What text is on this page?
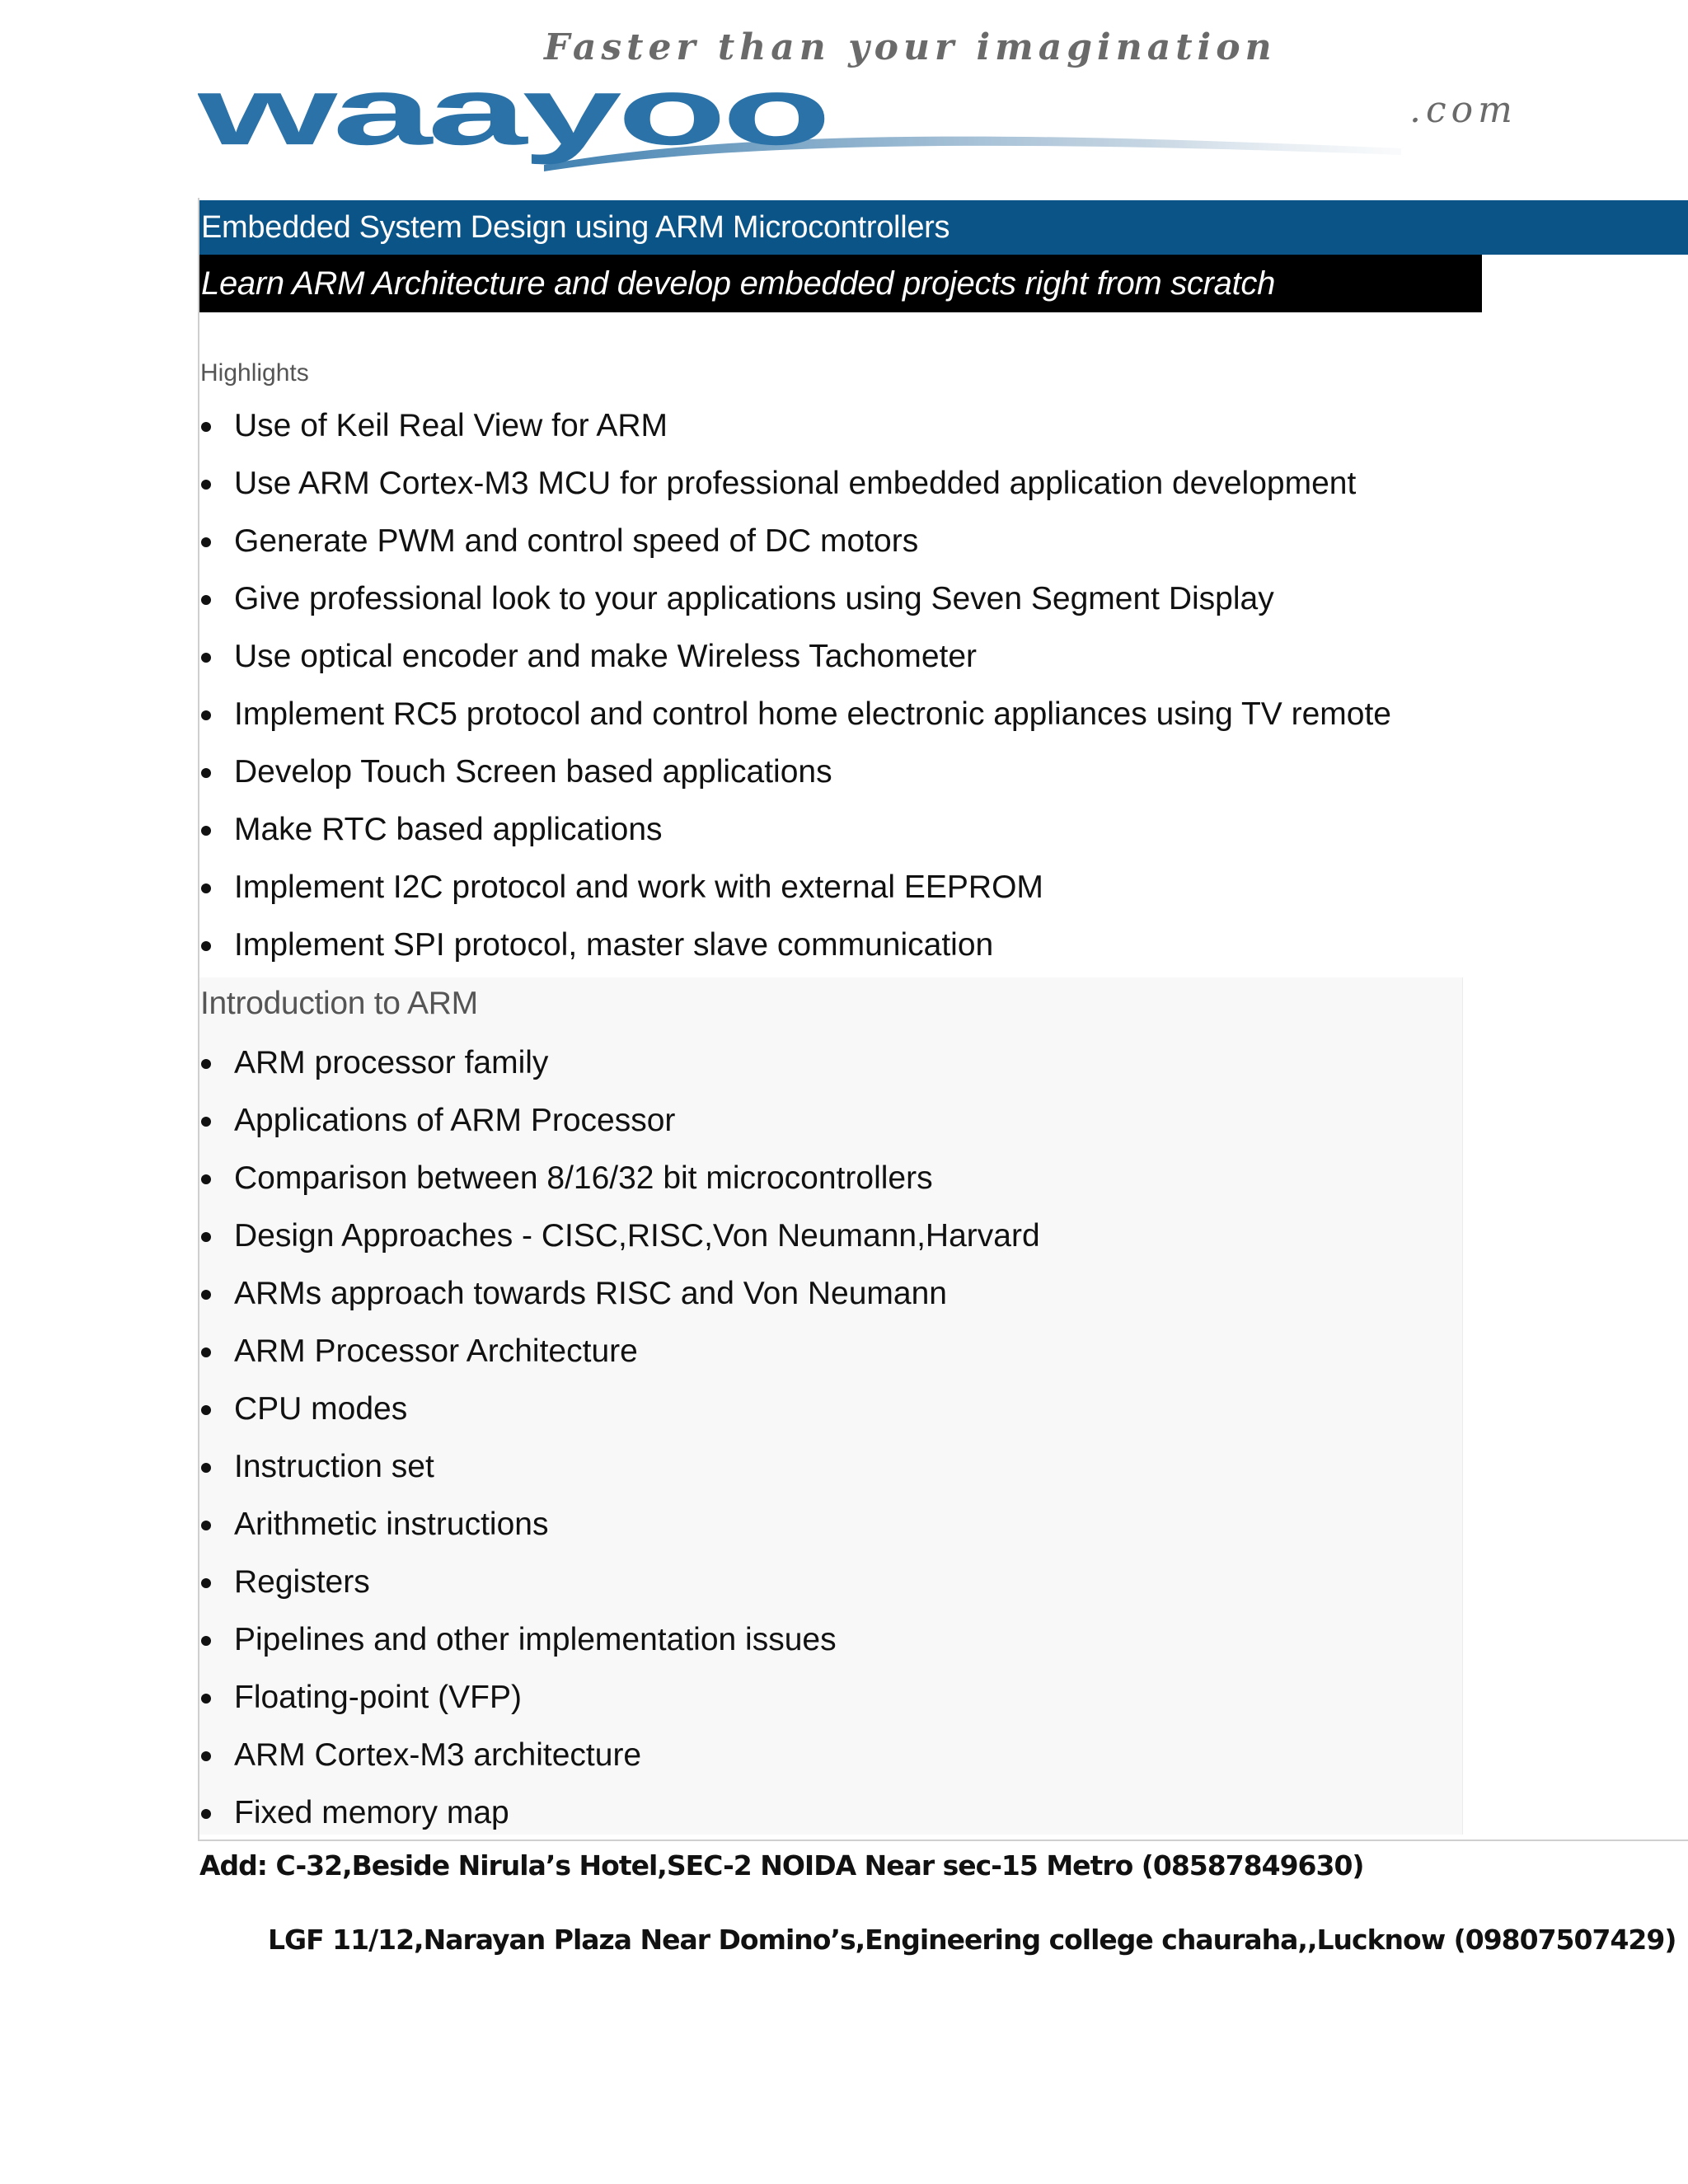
Faster than your imagination
waayoo	.com
Embedded System Design using ARM Microcontrollers
Learn ARM Architecture and develop embedded projects right from scratch
Highlights
Use of Keil Real View for ARM
Use ARM Cortex-M3 MCU for professional embedded application development
Generate PWM and control speed of DC motors
Give professional look to your applications using Seven Segment Display
Use optical encoder and make Wireless Tachometer
Implement RC5 protocol and control home electronic appliances using TV remote
Develop Touch Screen based applications
Make RTC based applications
Implement I2C protocol and work with external EEPROM
Implement SPI protocol, master slave communication
Introduction to ARM
ARM processor family
Applications of ARM Processor
Comparison between 8/16/32 bit microcontrollers
Design Approaches - CISC,RISC,Von Neumann,Harvard
ARMs approach towards RISC and Von Neumann
ARM Processor Architecture
CPU modes
Instruction set
Arithmetic instructions
Registers
Pipelines and other implementation issues
Floating-point (VFP)
ARM Cortex-M3 architecture
Fixed memory map
Add: C-32,Beside Nirula’s Hotel,SEC-2 NOIDA Near sec-15 Metro (08587849630)
LGF 11/12,Narayan Plaza Near Domino’s,Engineering college chauraha,,Lucknow (09807507429)
